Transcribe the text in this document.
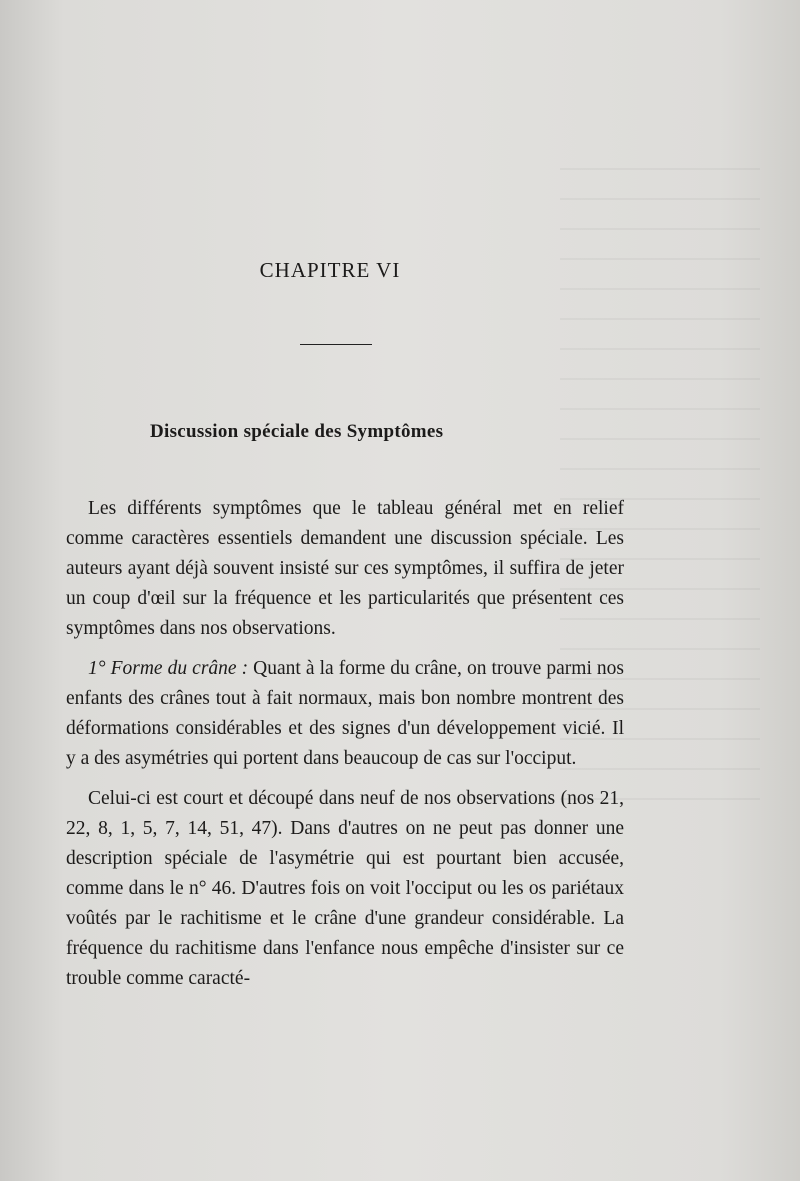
CHAPITRE VI
Discussion spéciale des Symptômes

Les différents symptômes que le tableau général met en relief comme caractères essentiels demandent une discussion spéciale. Les auteurs ayant déjà souvent insisté sur ces symptômes, il suffira de jeter un coup d'œil sur la fréquence et les particularités que présentent ces symptômes dans nos observations.

1° Forme du crâne : Quant à la forme du crâne, on trouve parmi nos enfants des crânes tout à fait normaux, mais bon nombre montrent des déformations considérables et des signes d'un développement vicié. Il y a des asymétries qui portent dans beaucoup de cas sur l'occiput.

Celui-ci est court et découpé dans neuf de nos observations (nos 21, 22, 8, 1, 5, 7, 14, 51, 47). Dans d'autres on ne peut pas donner une description spéciale de l'asymétrie qui est pourtant bien accusée, comme dans le n° 46. D'autres fois on voit l'occiput ou les os pariétaux voûtés par le rachitisme et le crâne d'une grandeur considérable. La fréquence du rachitisme dans l'enfance nous empêche d'insister sur ce trouble comme caracté-
